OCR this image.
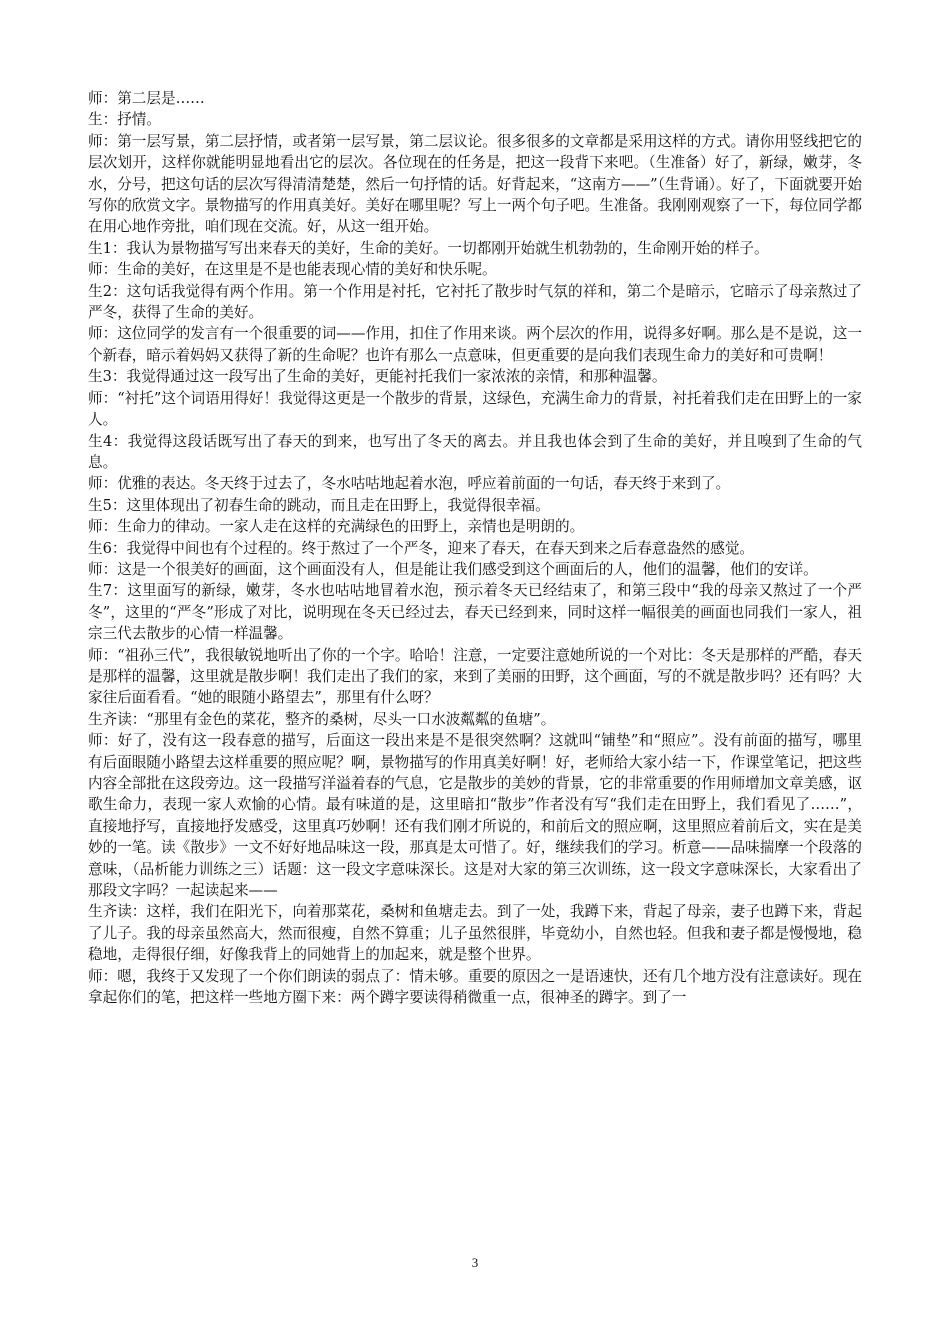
师：第二层是……

生：抒情。

师：第一层写景，第二层抒情，或者第一层写景，第二层议论。很多很多的文章都是采用这样的方式。请你用竖线把它的层次划开，这样你就能明显地看出它的层次。各位现在的任务是，把这一段背下来吧。（生准备）好了，新绿，嫩芽，冬水，分号，把这句话的层次写得清清楚楚，然后一句抒情的话。好背起来，“这南方——”（生背诵）。好了，下面就要开始写你的欣赏文字。景物描写的作用真美好。美好在哪里呢？写上一两个句子吧。生准备。我刚刚观察了一下，每位同学都在用心地作旁批，咱们现在交流。好，从这一组开始。

生1：我认为景物描写写出来春天的美好，生命的美好。一切都刚开始就生机勃勃的，生命刚开始的样子。

师：生命的美好，在这里是不是也能表现心情的美好和快乐呢。

生2：这句话我觉得有两个作用。第一个作用是衬托，它衬托了散步时气氛的祥和，第二个是暗示，它暗示了母亲熬过了严冬，获得了生命的美好。

师：这位同学的发言有一个很重要的词——作用，扣住了作用来谈。两个层次的作用，说得多好啊。那么是不是说，这一个新春，暗示着妈妈又获得了新的生命呢？也许有那么一点意味，但更重要的是向我们表现生命力的美好和可贵啊！

生3：我觉得通过这一段写出了生命的美好，更能衬托我们一家浓浓的亲情，和那种温馨。

师：“衬托”这个词语用得好！我觉得这更是一个散步的背景，这绿色，充满生命力的背景，衬托着我们走在田野上的一家人。

生4：我觉得这段话既写出了春天的到来，也写出了冬天的离去。并且我也体会到了生命的美好，并且嗅到了生命的气息。

师：优雅的表达。冬天终于过去了，冬水咕咕地起着水泡，呼应着前面的一句话，春天终于来到了。

生5：这里体现出了初春生命的跳动，而且走在田野上，我觉得很幸福。

师：生命力的律动。一家人走在这样的充满绿色的田野上，亲情也是明朗的。

生6：我觉得中间也有个过程的。终于熬过了一个严冬，迎来了春天，在春天到来之后春意盎然的感觉。

师：这是一个很美好的画面，这个画面没有人，但是能让我们感受到这个画面后的人，他们的温馨，他们的安详。

生7：这里面写的新绿，嫩芽，冬水也咕咕地冒着水泡，预示着冬天已经结束了，和第三段中“我的母亲又熬过了一个严冬”，这里的“严冬”形成了对比，说明现在冬天已经过去，春天已经到来，同时这样一幅很美的画面也同我们一家人，祖宗三代去散步的心情一样温馨。

师：“祖孙三代”，我很敏锐地听出了你的一个字。哈哈！注意，一定要注意她所说的一个对比：冬天是那样的严酷，春天是那样的温馨，这里就是散步啊！我们走出了我们的家，来到了美丽的田野，这个画面，写的不就是散步吗？还有吗？大家往后面看看。“她的眼随小路望去”，那里有什么呀？

生齐读：“那里有金色的菜花，整齐的桑树，尽头一口水波粼粼的鱼塘”。

师：好了，没有这一段春意的描写，后面这一段出来是不是很突然啊？这就叫“铺垫”和“照应”。没有前面的描写，哪里有后面眼随小路望去这样重要的照应呢？啊，景物描写的作用真美好啊！好，老师给大家小结一下，作课堂笔记，把这些内容全部批在这段旁边。这一段描写洋溢着春的气息，它是散步的美妙的背景，它的非常重要的作用师增加文章美感，讴歌生命力，表现一家人欢愉的心情。最有味道的是，这里暗扣“散步”作者没有写“我们走在田野上，我们看见了……”，直接地抒写，直接地抒发感受，这里真巧妙啊！还有我们刚才所说的，和前后文的照应啊，这里照应着前后文，实在是美妙的一笔。读《散步》一文不好好地品味这一段，那真是太可惜了。好，继续我们的学习。析意——品味揣摩一个段落的意味，（品析能力训练之三）话题：这一段文字意味深长。这是对大家的第三次训练，这一段文字意味深长，大家看出了那段文字吗？一起读起来——

生齐读：这样，我们在阳光下，向着那菜花，桑树和鱼塘走去。到了一处，我蹲下来，背起了母亲，妻子也蹲下来，背起了儿子。我的母亲虽然高大，然而很瘦，自然不算重；儿子虽然很胖，毕竟幼小，自然也轻。但我和妻子都是慢慢地，稳稳地，走得很仔细，好像我背上的同她背上的加起来，就是整个世界。

师：嗯，我终于又发现了一个你们朗读的弱点了：情未够。重要的原因之一是语速快，还有几个地方没有注意读好。现在拿起你们的笔，把这样一些地方圈下来：两个蹲字要读得稍微重一点，很神圣的蹲字。到了一

3
